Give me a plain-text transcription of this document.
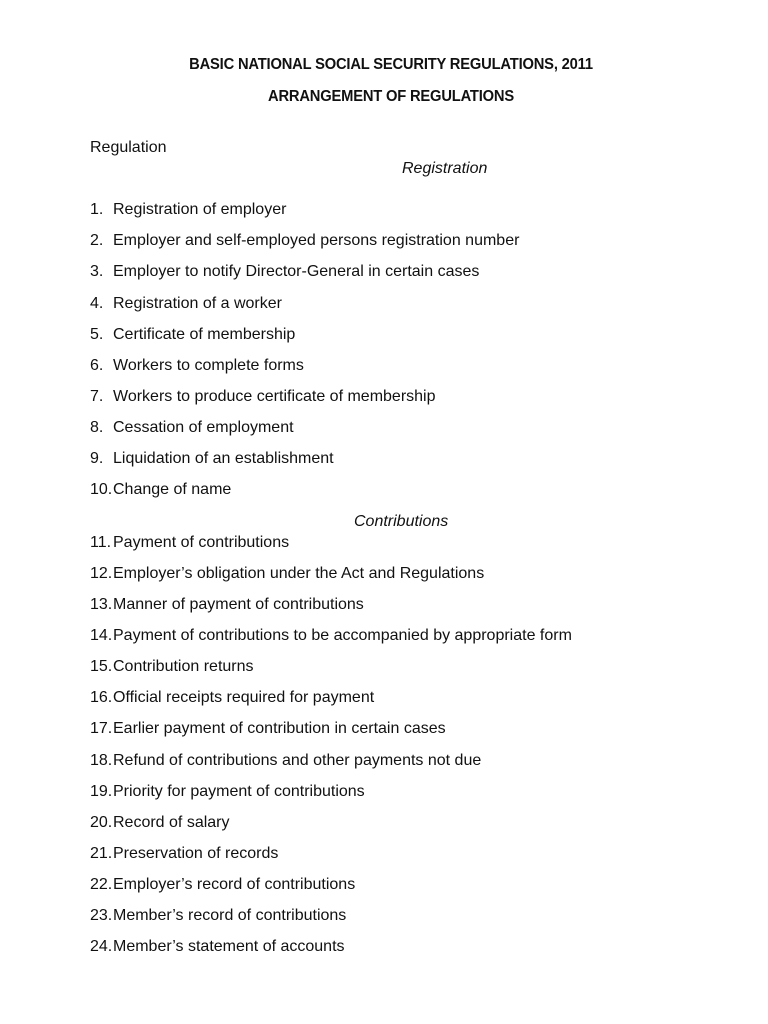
BASIC NATIONAL SOCIAL SECURITY REGULATIONS, 2011
ARRANGEMENT OF REGULATIONS
Regulation
Registration
1. Registration of employer
2. Employer and self-employed persons registration number
3. Employer to notify Director-General in certain cases
4. Registration of a worker
5. Certificate of membership
6. Workers to complete forms
7. Workers to produce certificate of membership
8. Cessation of employment
9. Liquidation of an establishment
10. Change of name
Contributions
11. Payment of contributions
12. Employer’s obligation under the Act and Regulations
13. Manner of payment of contributions
14. Payment of contributions to be accompanied by appropriate form
15. Contribution returns
16. Official receipts required for payment
17. Earlier payment of contribution in certain cases
18. Refund of contributions and other payments not due
19. Priority for payment of contributions
20. Record of salary
21. Preservation of records
22. Employer’s record of contributions
23. Member’s record of contributions
24. Member’s statement of accounts
